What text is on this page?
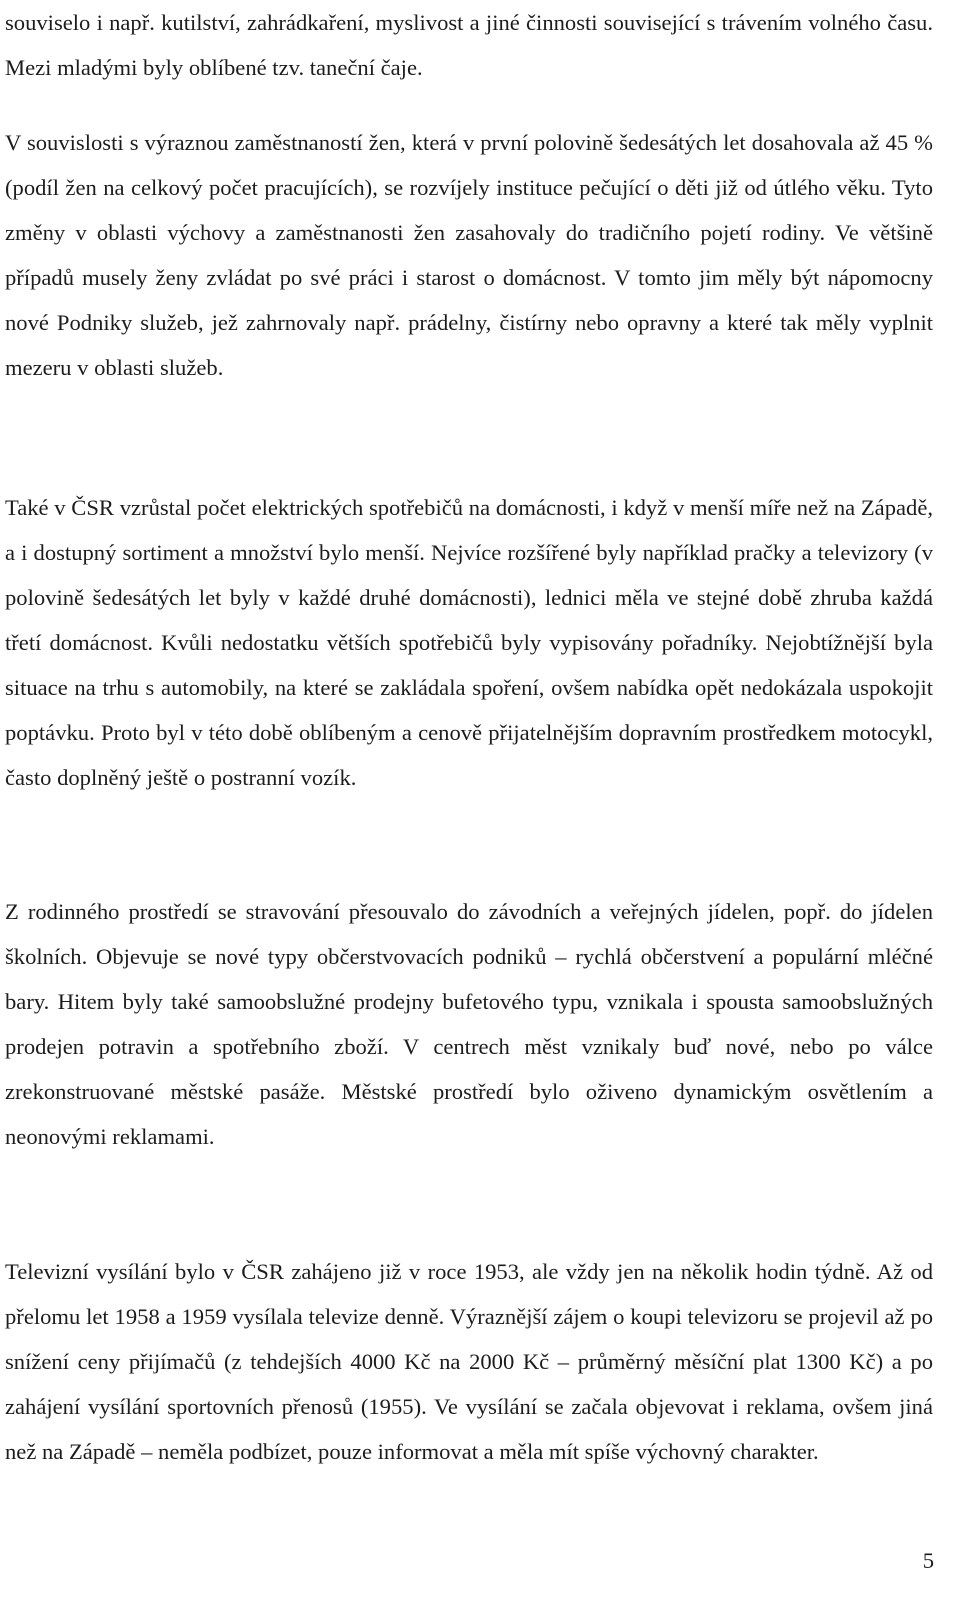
souviselo i např. kutilství, zahrádkaření, myslivost a jiné činnosti související s trávením volného času. Mezi mladými byly oblíbené tzv. taneční čaje.

V souvislosti s výraznou zaměstnaností žen, která v první polovině šedesátých let dosahovala až 45 % (podíl žen na celkový počet pracujících), se rozvíjely instituce pečující o děti již od útlého věku. Tyto změny v oblasti výchovy a zaměstnanosti žen zasahovaly do tradičního pojetí rodiny. Ve většině případů musely ženy zvládat po své práci i starost o domácnost. V tomto jim měly být nápomocny nové Podniky služeb, jež zahrnovaly např. prádelny, čistírny nebo opravny a které tak měly vyplnit mezeru v oblasti služeb.

Také v ČSR vzrůstal počet elektrických spotřebičů na domácnosti, i když v menší míře než na Západě, a i dostupný sortiment a množství bylo menší. Nejvíce rozšířené byly například pračky a televizory (v polovině šedesátých let byly v každé druhé domácnosti), lednici měla ve stejné době zhruba každá třetí domácnost. Kvůli nedostatku větších spotřebičů byly vypisovány pořadníky. Nejobtížnější byla situace na trhu s automobily, na které se zakládala spoření, ovšem nabídka opět nedokázala uspokojit poptávku. Proto byl v této době oblíbeným a cenově přijatelnějším dopravním prostředkem motocykl, často doplněný ještě o postranní vozík.

Z rodinného prostředí se stravování přesouvalo do závodních a veřejných jídelen, popř. do jídelen školních. Objevuje se nové typy občerstvovacích podniků – rychlá občerstvení a populární mléčné bary. Hitem byly také samoobslužné prodejny bufetového typu, vznikala i spousta samoobslužných prodejen potravin a spotřebního zboží. V centrech měst vznikaly buď nové, nebo po válce zrekonstruované městské pasáže. Městské prostředí bylo oživeno dynamickým osvětlením a neonovými reklamami.

Televizní vysílání bylo v ČSR zahájeno již v roce 1953, ale vždy jen na několik hodin týdně. Až od přelomu let 1958 a 1959 vysílala televize denně. Výraznější zájem o koupi televizoru se projevil až po snížení ceny přijímačů (z tehdejších 4000 Kč na 2000 Kč – průměrný měsíční plat 1300 Kč) a po zahájení vysílání sportovních přenosů (1955). Ve vysílání se začala objevovat i reklama, ovšem jiná než na Západě – neměla podbízet, pouze informovat a měla mít spíše výchovný charakter.

5
